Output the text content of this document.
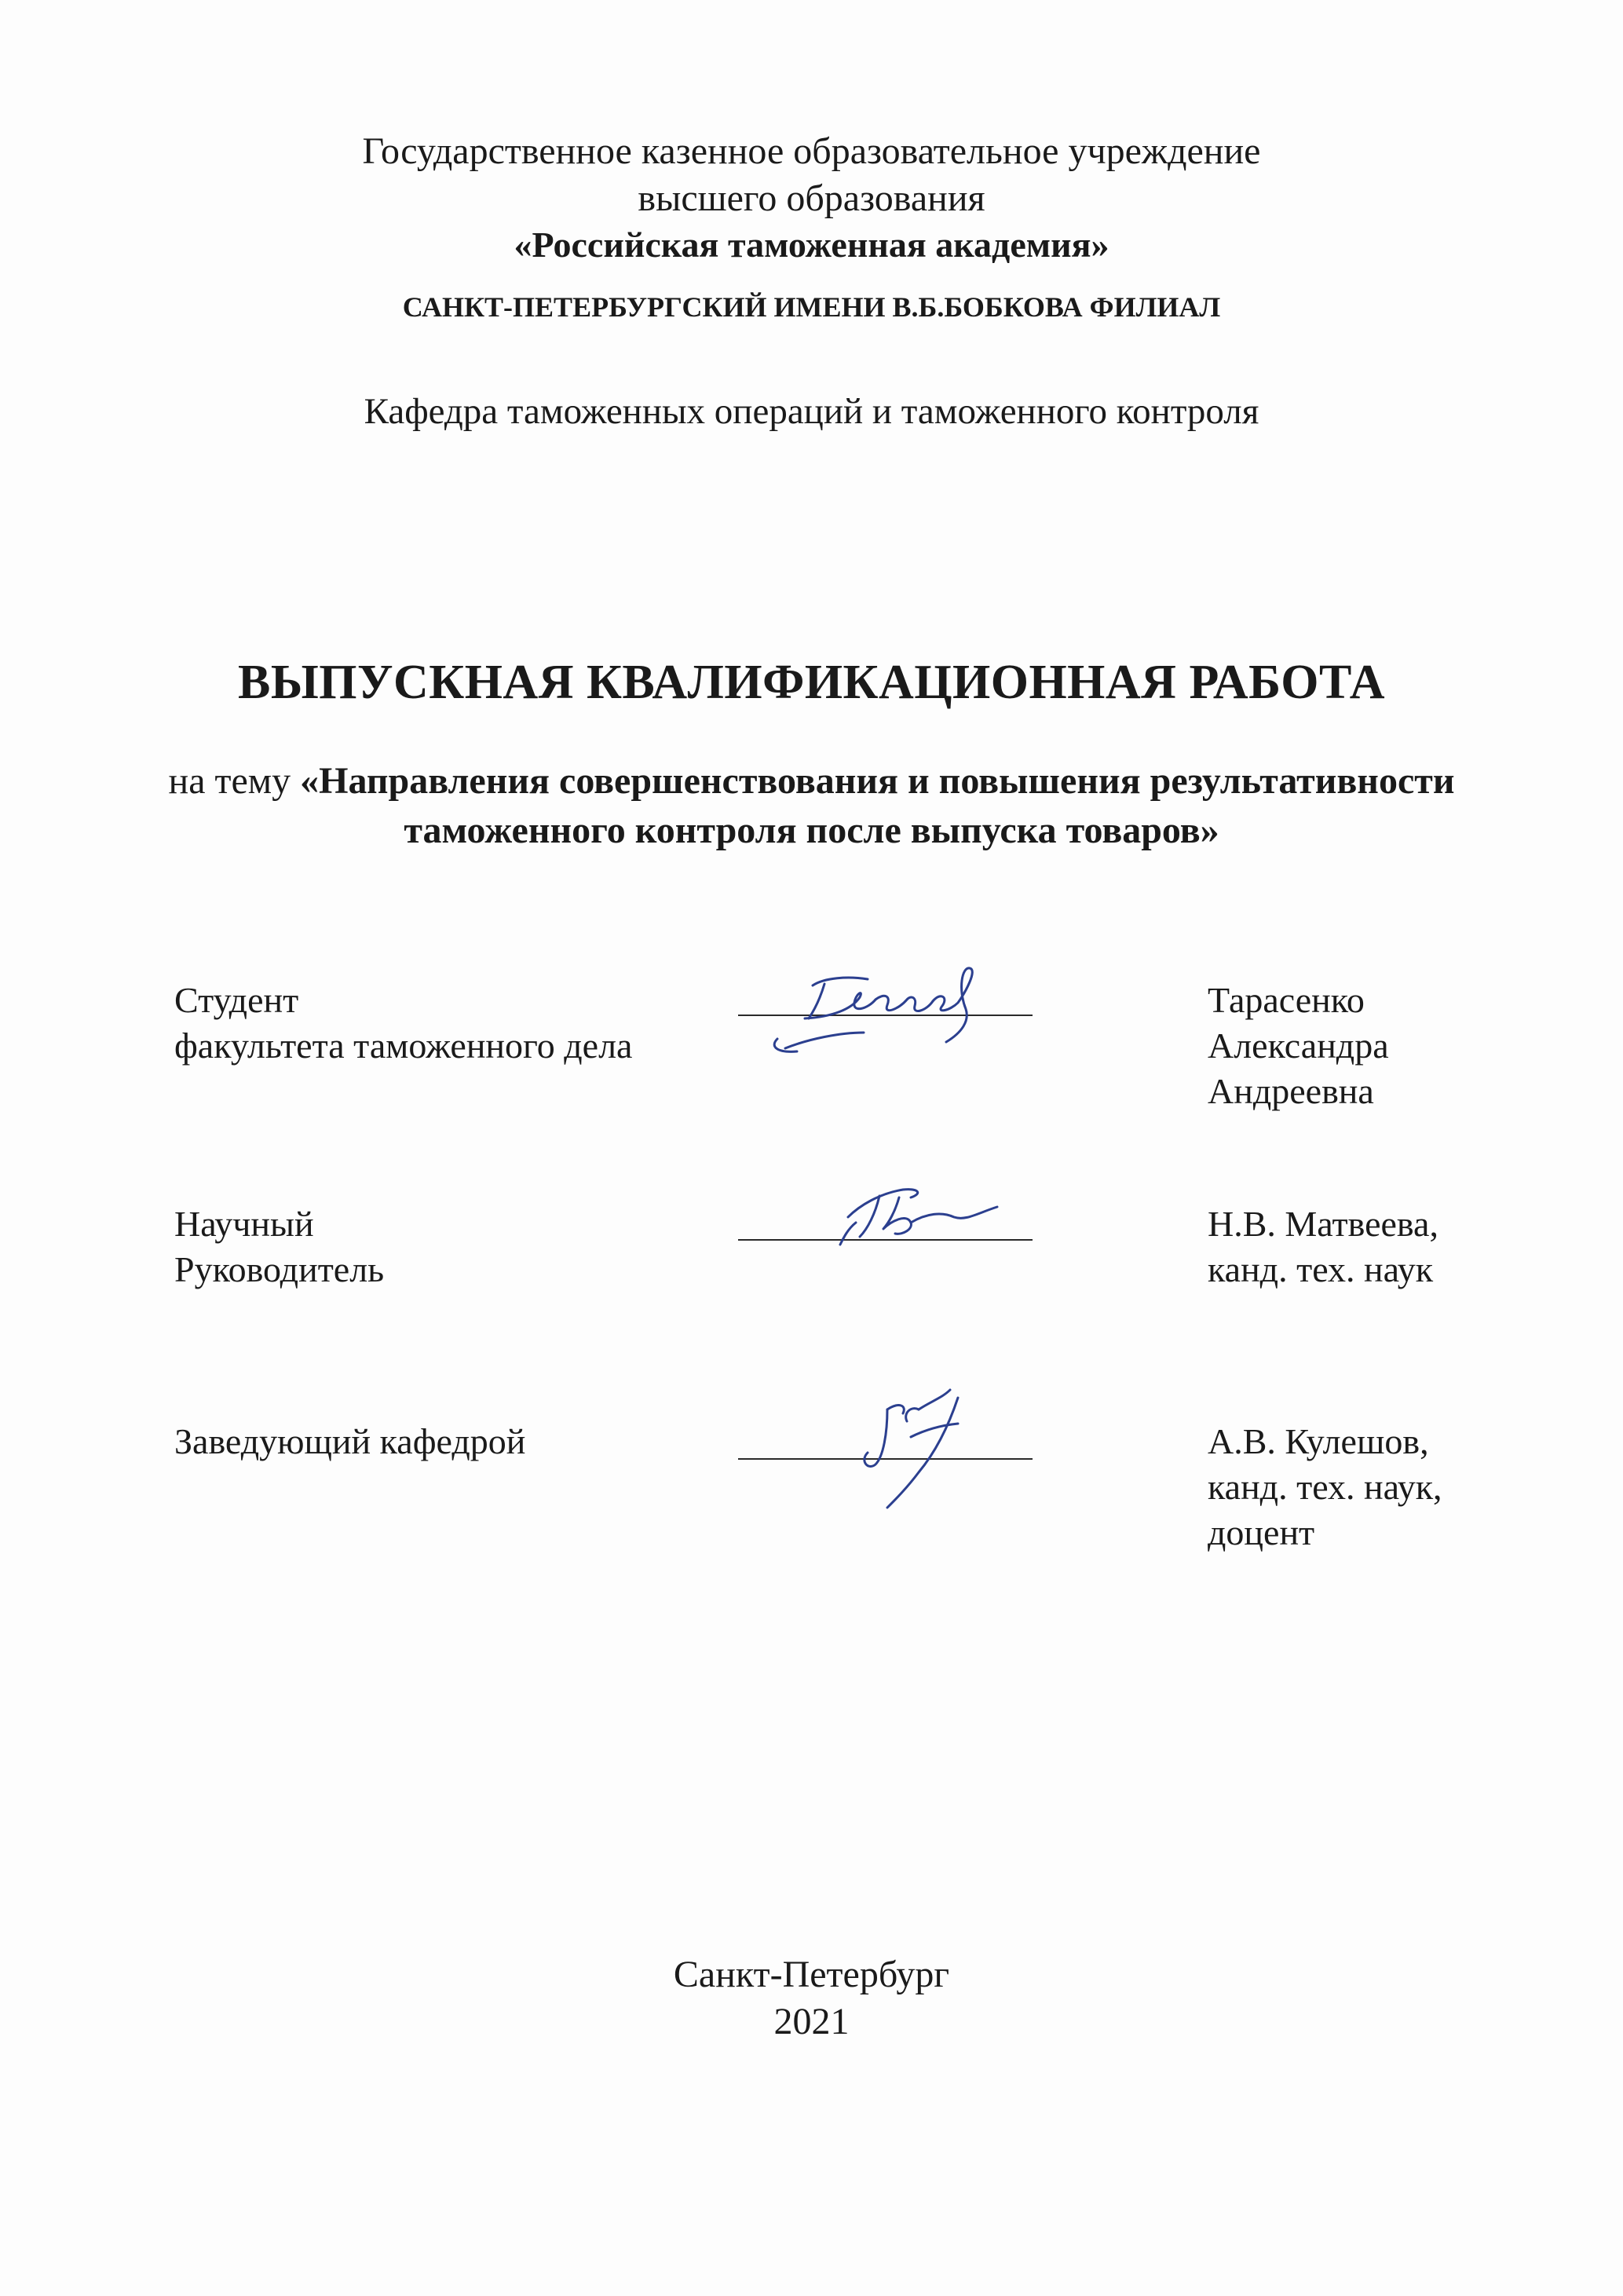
Государственное казенное образовательное учреждение
высшего образования
«Российская таможенная академия»
САНКТ-ПЕТЕРБУРГСКИЙ ИМЕНИ В.Б.БОБКОВА ФИЛИАЛ
Кафедра таможенных операций и таможенного контроля
ВЫПУСКНАЯ КВАЛИФИКАЦИОННАЯ РАБОТА
на тему «Направления совершенствования и повышения результативности
таможенного контроля после выпуска товаров»
Студент
факультета таможенного дела
Тарасенко
Александра
Андреевна
Научный
Руководитель
Н.В. Матвеева,
канд. тех. наук
Заведующий кафедрой	А.В. Кулешов,
канд. тех. наук,
доцент
Санкт-Петербург
2021
